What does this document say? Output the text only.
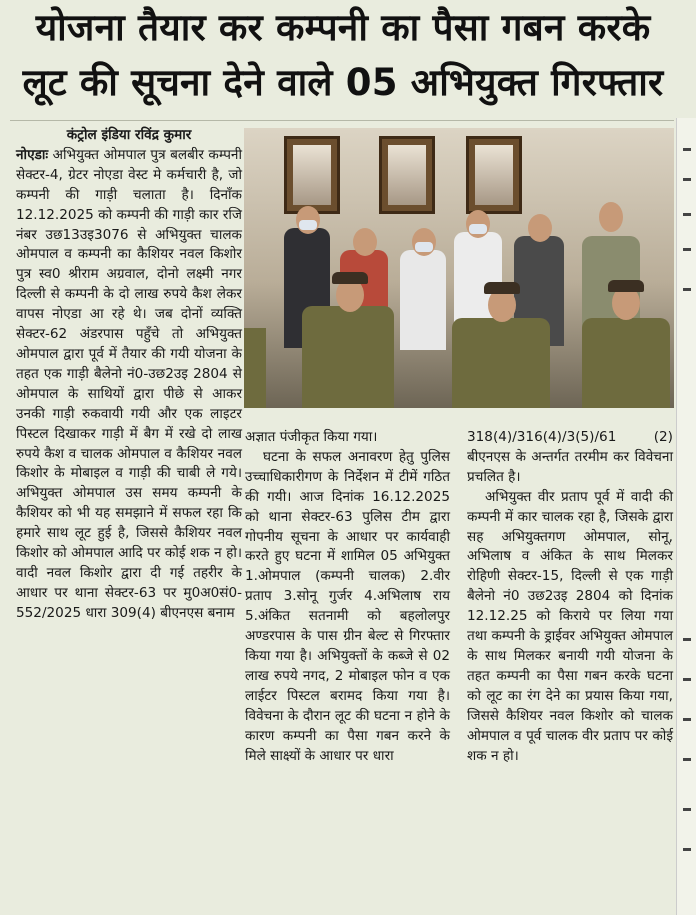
योजना तैयार कर कम्पनी का पैसा गबन करके
लूट की सूचना देने वाले 05 अभियुक्त गिरफ्तार
कंट्रोल इंडिया रविंद्र कुमार

नोएडाः अभियुक्त ओमपाल पुत्र बलबीर कम्पनी सेक्टर-4, ग्रेटर नोएडा वेस्ट मे कर्मचारी है, जो कम्पनी की गाड़ी चलाता है। दिनाँक 12.12.2025 को कम्पनी की गाड़ी कार रजि नंबर उछ13उइ3076 से अभियुक्त चालक ओमपाल व कम्पनी का कैशियर नवल किशोर पुत्र स्व0 श्रीराम अग्रवाल, दोनो लक्ष्मी नगर दिल्ली से कम्पनी के दो लाख रुपये कैश लेकर वापस नोएडा आ रहे थे। जब दोनों व्यक्ति सेक्टर-62 अंडरपास पहुँचे तो अभियुक्त ओमपाल द्वारा पूर्व में तैयार की गयी योजना के तहत एक गाड़ी बैलेनो नं0-उछ2उइ 2804 से ओमपाल के साथियों द्वारा पीछे से आकर उनकी गाड़ी रुकवायी गयी और एक लाइटर पिस्टल दिखाकर गाड़ी में बैग में रखे दो लाख रुपये कैश व चालक ओमपाल व कैशियर नवल किशोर के मोबाइल व गाड़ी की चाबी ले गये। अभियुक्त ओमपाल उस समय कम्पनी के कैशियर को भी यह समझाने में सफल रहा कि हमारे साथ लूट हुई है, जिससे कैशियर नवल किशोर को ओमपाल आदि पर कोई शक न हो। वादी नवल किशोर द्वारा दी गई तहरीर के आधार पर थाना सेक्टर-63 पर मु0अ0सं0-552/2025 धारा 309(4) बीएनएस बनाम

अज्ञात पंजीकृत किया गया।

घटना के सफल अनावरण हेतु पुलिस उच्चाधिकारीगण के निर्देशन में टीमें गठित की गयी। आज दिनांक 16.12.2025 को थाना सेक्टर-63 पुलिस टीम द्वारा गोपनीय सूचना के आधार पर कार्यवाही करते हुए घटना में शामिल 05 अभियुक्त 1.ओमपाल (कम्पनी चालक) 2.वीर प्रताप 3.सोनू गुर्जर 4.अभिलाष राय 5.अंकित सतनामी को बहलोलपुर अण्डरपास के पास ग्रीन बेल्ट से गिरफ्तार किया गया है। अभियुक्तों के कब्जे से 02 लाख रुपये नगद, 2 मोबाइल फोन व एक लाईटर पिस्टल बरामद किया गया है। विवेचना के दौरान लूट की घटना न होने के कारण कम्पनी का पैसा गबन करने के मिले साक्ष्यों के आधार पर धारा

318(4)/316(4)/3(5)/61 (2) बीएनएस के अन्तर्गत तरमीम कर विवेचना प्रचलित है।

अभियुक्त वीर प्रताप पूर्व में वादी की कम्पनी में कार चालक रहा है, जिसके द्वारा सह अभियुक्तगण ओमपाल, सोनू, अभिलाष व अंकित के साथ मिलकर रोहिणी सेक्टर-15, दिल्ली से एक गाड़ी बैलेनो नं0 उछ2उइ 2804 को दिनांक 12.12.25 को किराये पर लिया गया तथा कम्पनी के ड्राईवर अभियुक्त ओमपाल के साथ मिलकर बनायी गयी योजना के तहत कम्पनी का पैसा गबन करके घटना को लूट का रंग देने का प्रयास किया गया, जिससे कैशियर नवल किशोर को चालक ओमपाल व पूर्व चालक वीर प्रताप पर कोई शक न हो।
